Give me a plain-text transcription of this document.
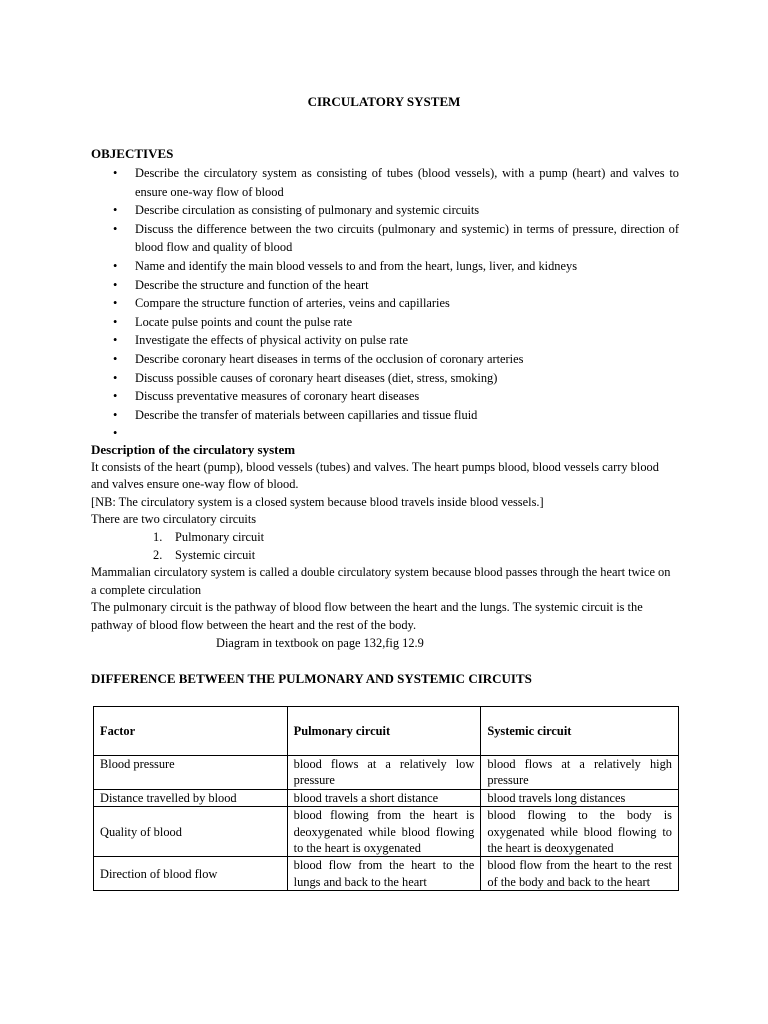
CIRCULATORY SYSTEM
OBJECTIVES
• Describe the circulatory system as consisting of tubes (blood vessels), with a pump (heart) and valves to ensure one-way flow of blood
• Describe circulation as consisting of pulmonary and systemic circuits
• Discuss the difference between the two circuits (pulmonary and systemic) in terms of pressure, direction of blood flow and quality of blood
• Name and identify the main blood vessels to and from the heart, lungs, liver, and kidneys
• Describe the structure and function of the heart
• Compare the structure function of arteries, veins and capillaries
• Locate pulse points and count the pulse rate
• Investigate the effects of physical activity on pulse rate
• Describe coronary heart diseases in terms of the occlusion of coronary arteries
• Discuss possible causes of coronary heart diseases (diet, stress, smoking)
• Discuss preventative measures of coronary heart diseases
• Describe the transfer of materials between capillaries and tissue fluid
•

Description of the circulatory system

It consists of the heart (pump), blood vessels (tubes) and valves. The heart pumps blood, blood vessels carry blood and valves ensure one-way flow of blood.

[NB: The circulatory system is a closed system because blood travels inside blood vessels.]

There are two circulatory circuits

1. Pulmonary circuit

2. Systemic circuit

Mammalian circulatory system is called a double circulatory system because blood passes through the heart twice on a complete circulation

The pulmonary circuit is the pathway of blood flow between the heart and the lungs. The systemic circuit is the pathway of blood flow between the heart and the rest of the body.

Diagram in textbook on page 132,fig 12.9

DIFFERENCE BETWEEN THE PULMONARY AND SYSTEMIC CIRCUITS
Factor	Pulmonary circuit	Systemic circuit
Blood pressure	blood flows at a relatively low pressure	blood flows at a relatively high pressure
Distance travelled by blood	blood travels a short distance	blood travels long distances
Quality of blood	blood flowing from the heart is deoxygenated while blood flowing to the heart is oxygenated	blood flowing to the body is oxygenated while blood flowing to the heart is deoxygenated
Direction of blood flow	blood flow from the heart to the lungs and back to the heart	blood flow from the heart to the rest of the body and back to the heart
